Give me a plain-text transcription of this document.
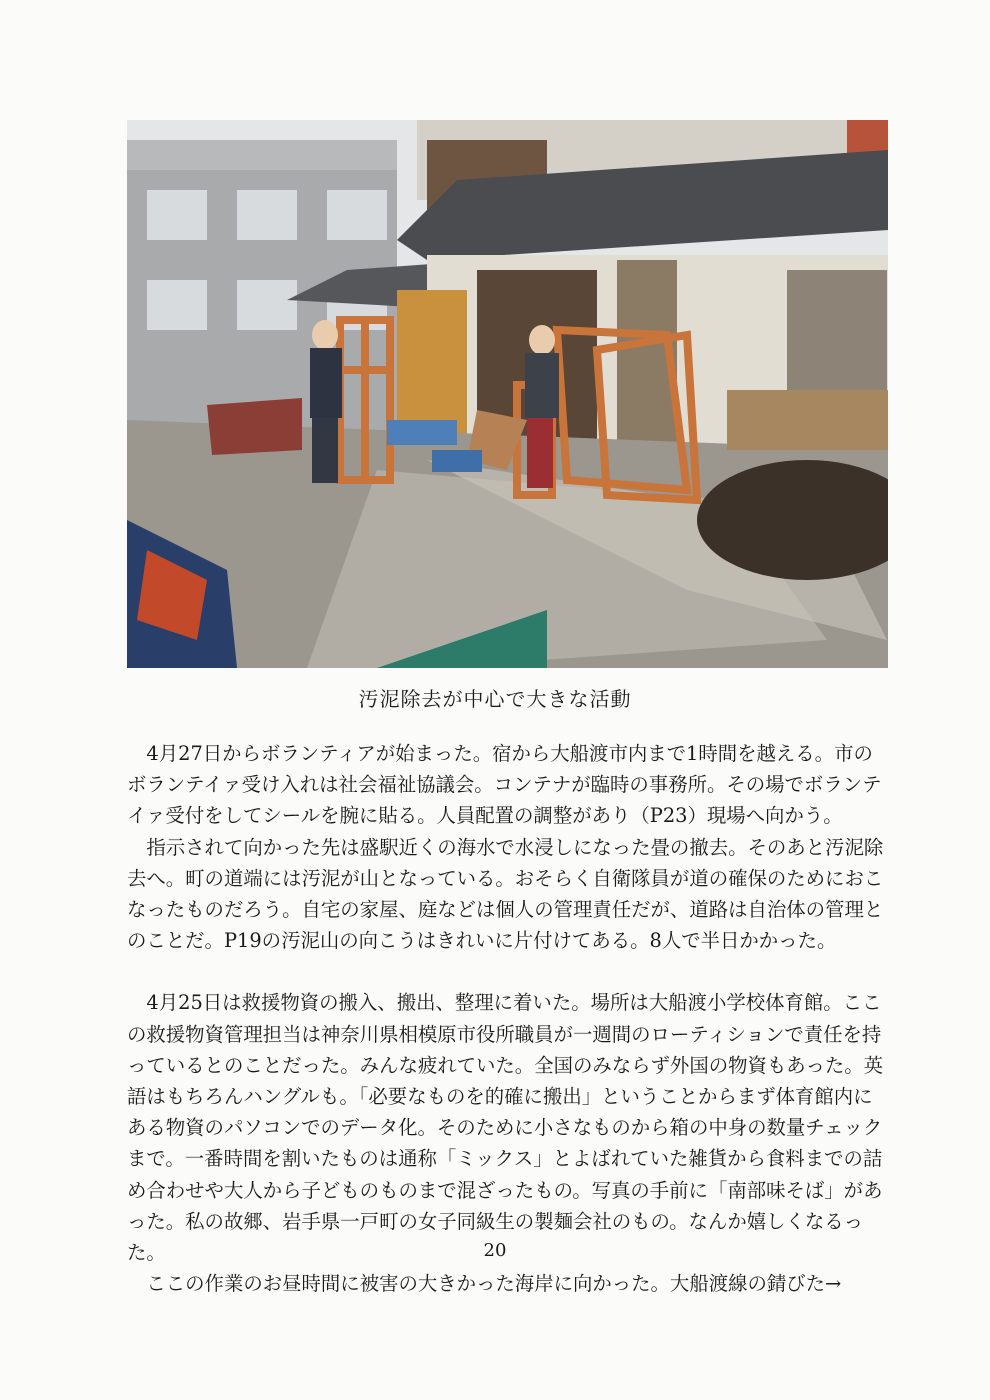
汚泥除去が中心で大きな活動

4月27日からボランティアが始まった。宿から大船渡市内まで1時間を越える。市のボランテイァ受け入れは社会福祉協議会。コンテナが臨時の事務所。その場でボランテイァ受付をしてシールを腕に貼る。人員配置の調整があり（P23）現場へ向かう。

指示されて向かった先は盛駅近くの海水で水浸しになった畳の撤去。そのあと汚泥除去へ。町の道端には汚泥が山となっている。おそらく自衛隊員が道の確保のためにおこなったものだろう。自宅の家屋、庭などは個人の管理責任だが、道路は自治体の管理とのことだ。P19の汚泥山の向こうはきれいに片付けてある。8人で半日かかった。

4月25日は救援物資の搬入、搬出、整理に着いた。場所は大船渡小学校体育館。ここの救援物資管理担当は神奈川県相模原市役所職員が一週間のローティションで責任を持っているとのことだった。みんな疲れていた。全国のみならず外国の物資もあった。英語はもちろんハングルも。「必要なものを的確に搬出」ということからまず体育館内にある物資のパソコンでのデータ化。そのために小さなものから箱の中身の数量チェックまで。一番時間を割いたものは通称「ミックス」とよばれていた雑貨から食料までの詰め合わせや大人から子どものものまで混ざったもの。写真の手前に「南部味そば」があった。私の故郷、岩手県一戸町の女子同級生の製麺会社のもの。なんか嬉しくなるった。

ここの作業のお昼時間に被害の大きかった海岸に向かった。大船渡線の錆びた→

20
